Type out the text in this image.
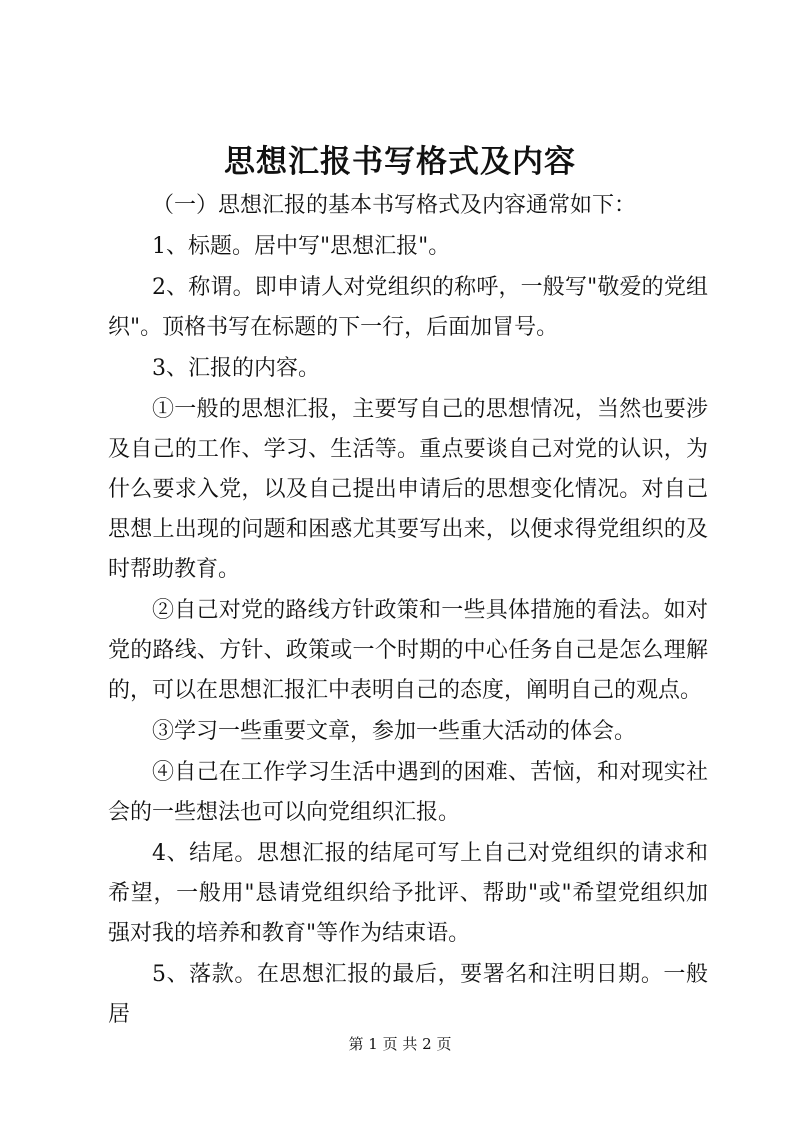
思想汇报书写格式及内容

（一）思想汇报的基本书写格式及内容通常如下：

1、标题。居中写"思想汇报"。

2、称谓。即申请人对党组织的称呼，一般写"敬爱的党组织"。顶格书写在标题的下一行，后面加冒号。

3、汇报的内容。

①一般的思想汇报，主要写自己的思想情况，当然也要涉及自己的工作、学习、生活等。重点要谈自己对党的认识，为什么要求入党，以及自己提出申请后的思想变化情况。对自己思想上出现的问题和困惑尤其要写出来，以便求得党组织的及时帮助教育。

②自己对党的路线方针政策和一些具体措施的看法。如对党的路线、方针、政策或一个时期的中心任务自己是怎么理解的，可以在思想汇报汇中表明自己的态度，阐明自己的观点。

③学习一些重要文章，参加一些重大活动的体会。

④自己在工作学习生活中遇到的困难、苦恼，和对现实社会的一些想法也可以向党组织汇报。

4、结尾。思想汇报的结尾可写上自己对党组织的请求和希望，一般用"恳请党组织给予批评、帮助"或"希望党组织加强对我的培养和教育"等作为结束语。

5、落款。在思想汇报的最后，要署名和注明日期。一般居

第 1 页 共 2 页
